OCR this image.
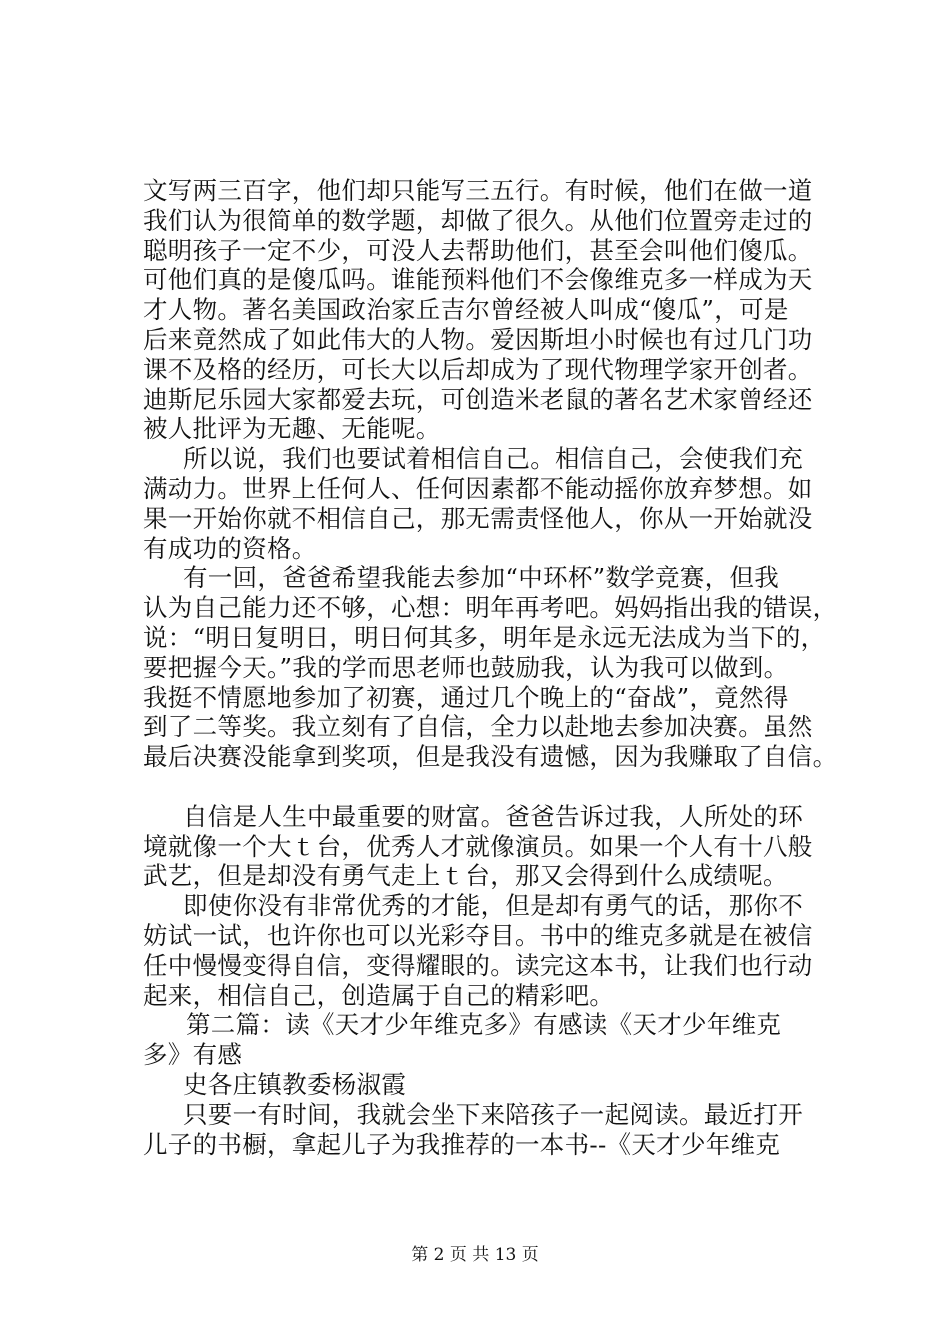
文写两三百字，他们却只能写三五行。有时候，他们在做一道
我们认为很简单的数学题，却做了很久。从他们位置旁走过的
聪明孩子一定不少，可没人去帮助他们，甚至会叫他们傻瓜。
可他们真的是傻瓜吗。谁能预料他们不会像维克多一样成为天
才人物。著名美国政治家丘吉尔曾经被人叫成“傻瓜”，可是
后来竟然成了如此伟大的人物。爱因斯坦小时候也有过几门功
课不及格的经历，可长大以后却成为了现代物理学家开创者。
迪斯尼乐园大家都爱去玩，可创造米老鼠的著名艺术家曾经还
被人批评为无趣、无能呢。
所以说，我们也要试着相信自己。相信自己，会使我们充
满动力。世界上任何人、任何因素都不能动摇你放弃梦想。如
果一开始你就不相信自己，那无需责怪他人，你从一开始就没
有成功的资格。
有一回，爸爸希望我能去参加“中环杯”数学竞赛，但我
认为自己能力还不够，心想：明年再考吧。妈妈指出我的错误，
说：“明日复明日，明日何其多，明年是永远无法成为当下的，
要把握今天。”我的学而思老师也鼓励我，认为我可以做到。
我挺不情愿地参加了初赛，通过几个晚上的“奋战”，竟然得
到了二等奖。我立刻有了自信，全力以赴地去参加决赛。虽然
最后决赛没能拿到奖项，但是我没有遗憾，因为我赚取了自信。
自信是人生中最重要的财富。爸爸告诉过我，人所处的环
境就像一个大ｔ台，优秀人才就像演员。如果一个人有十八般
武艺，但是却没有勇气走上ｔ台，那又会得到什么成绩呢。
即使你没有非常优秀的才能，但是却有勇气的话，那你不
妨试一试，也许你也可以光彩夺目。书中的维克多就是在被信
任中慢慢变得自信，变得耀眼的。读完这本书，让我们也行动
起来，相信自己，创造属于自己的精彩吧。
第二篇：读《天才少年维克多》有感读《天才少年维克
多》有感
史各庄镇教委杨淑霞
只要一有时间，我就会坐下来陪孩子一起阅读。最近打开
儿子的书橱，拿起儿子为我推荐的一本书--《天才少年维克
第 2 页 共 13 页
